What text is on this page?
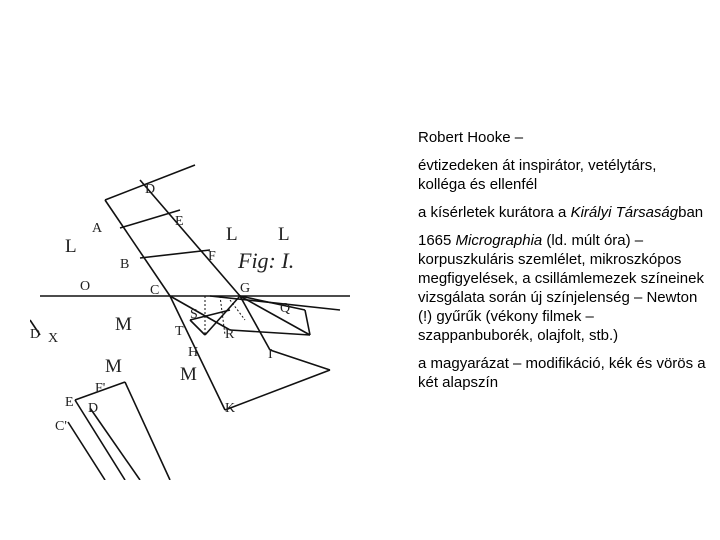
D
A	E
L
L L
B
F Fig: I.
O	C	G
Q
S
T	R
M
M	M
H	I
K
F'
E D
C'
D X

Robert Hooke –

évtizedeken át inspirátor, vetélytárs, kolléga és ellenfél

a kísérletek kurátora a Királyi Társaságban

1665 Micrographia (ld. múlt óra) – korpuszkuláris szemlélet, mikroszkópos megfigyelések, a csillámlemezek színeinek vizsgálata során új színjelenség – Newton (!) gyűrűk (vékony filmek – szappanbuborék, olajfolt, stb.)

a magyarázat – modifikáció, kék és vörös a két alapszín
